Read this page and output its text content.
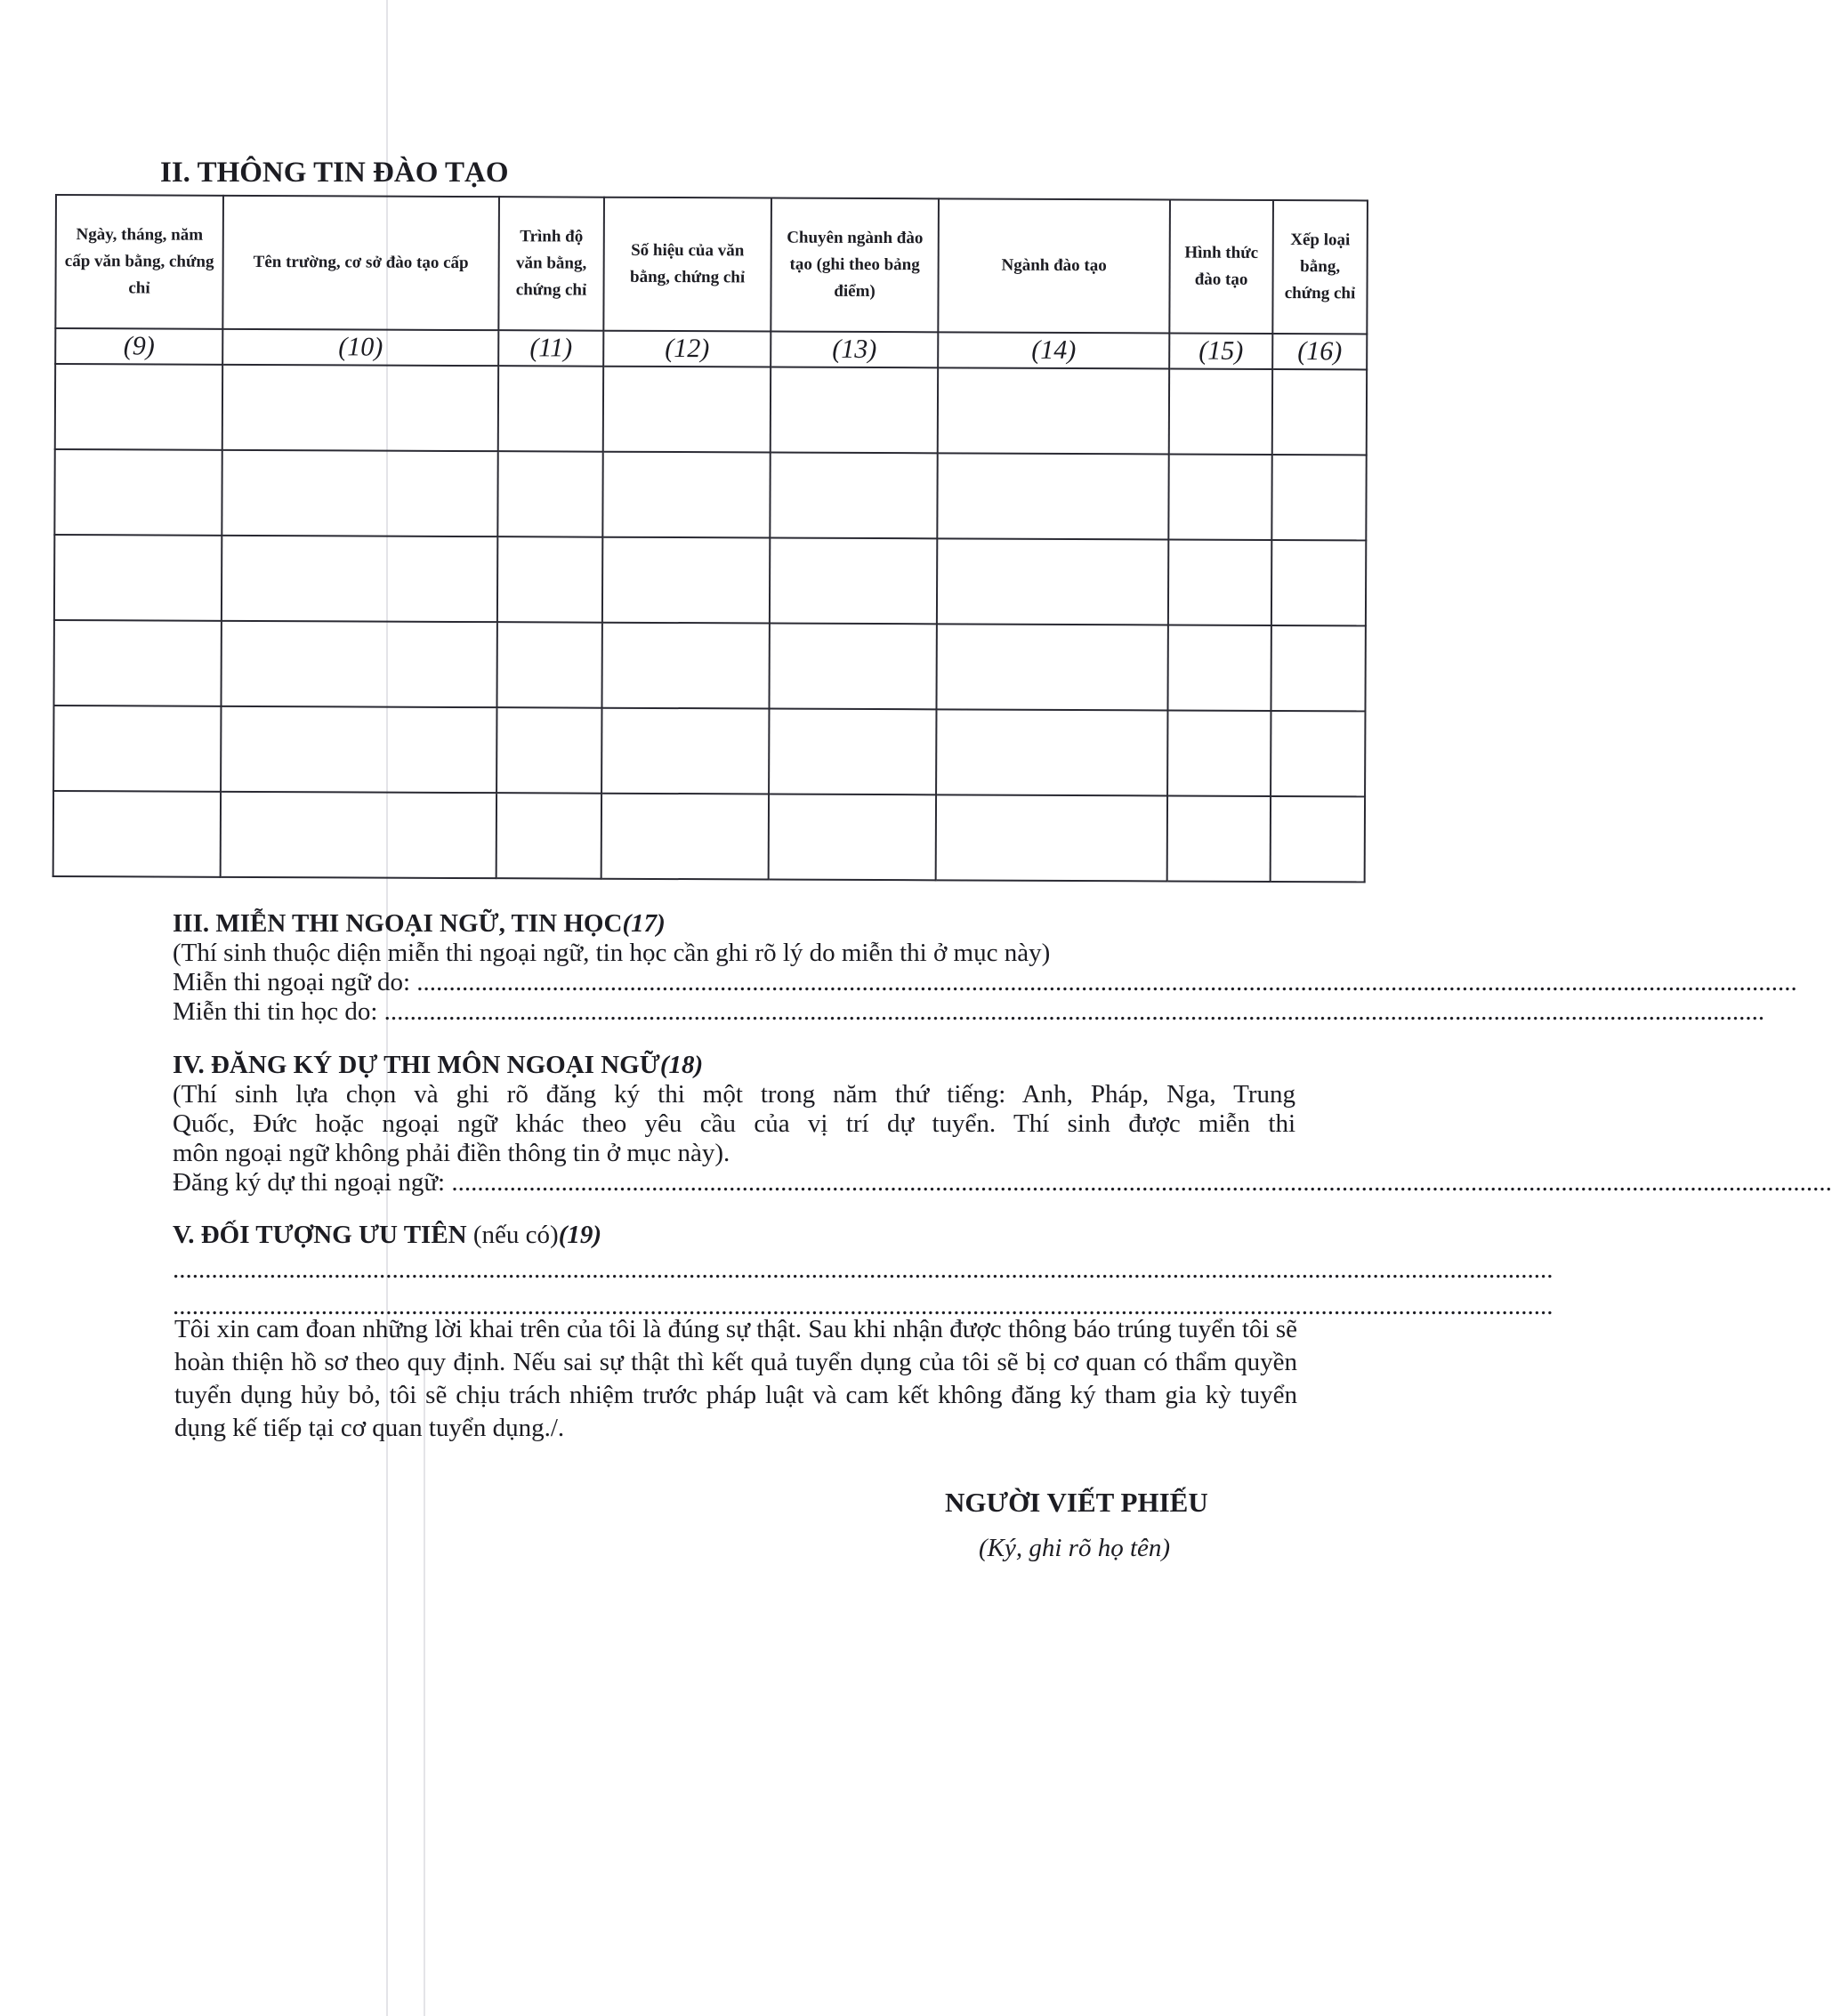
II. THÔNG TIN ĐÀO TẠO
Ngày, tháng, năm cấp văn bằng, chứng chỉ	Tên trường, cơ sở đào tạo cấp	Trình độ văn bằng, chứng chỉ	Số hiệu của văn bằng, chứng chỉ	Chuyên ngành đào tạo (ghi theo bảng điểm)	Ngành đào tạo	Hình thức đào tạo	Xếp loại bằng, chứng chỉ
(9)	(10)	(11)	(12)	(13)	(14)	(15)	(16)

III. MIỄN THI NGOẠI NGỮ, TIN HỌC(17)
(Thí sinh thuộc diện miễn thi ngoại ngữ, tin học cần ghi rõ lý do miễn thi ở mục này)
Miễn thi ngoại ngữ do: ......................................................................................................................................................................................................................
Miễn thi tin học do: ......................................................................................................................................................................................................................
IV. ĐĂNG KÝ DỰ THI MÔN NGOẠI NGỮ(18)
(Thí sinh lựa chọn và ghi rõ đăng ký thi một trong năm thứ tiếng: Anh, Pháp, Nga, Trung
Quốc, Đức hoặc ngoại ngữ khác theo yêu cầu của vị trí dự tuyển. Thí sinh được miễn thi
môn ngoại ngữ không phải điền thông tin ở mục này).
Đăng ký dự thi ngoại ngữ: ......................................................................................................................................................................................................................
V. ĐỐI TƯỢNG ƯU TIÊN (nếu có)(19)
......................................................................................................................................................................................................................
......................................................................................................................................................................................................................

Tôi xin cam đoan những lời khai trên của tôi là đúng sự thật. Sau khi nhận được thông báo trúng tuyển tôi sẽ hoàn thiện hồ sơ theo quy định. Nếu sai sự thật thì kết quả tuyển dụng của tôi sẽ bị cơ quan có thẩm quyền tuyển dụng hủy bỏ, tôi sẽ chịu trách nhiệm trước pháp luật và cam kết không đăng ký tham gia kỳ tuyển dụng kế tiếp tại cơ quan tuyển dụng./.

NGƯỜI VIẾT PHIẾU
(Ký, ghi rõ họ tên)
